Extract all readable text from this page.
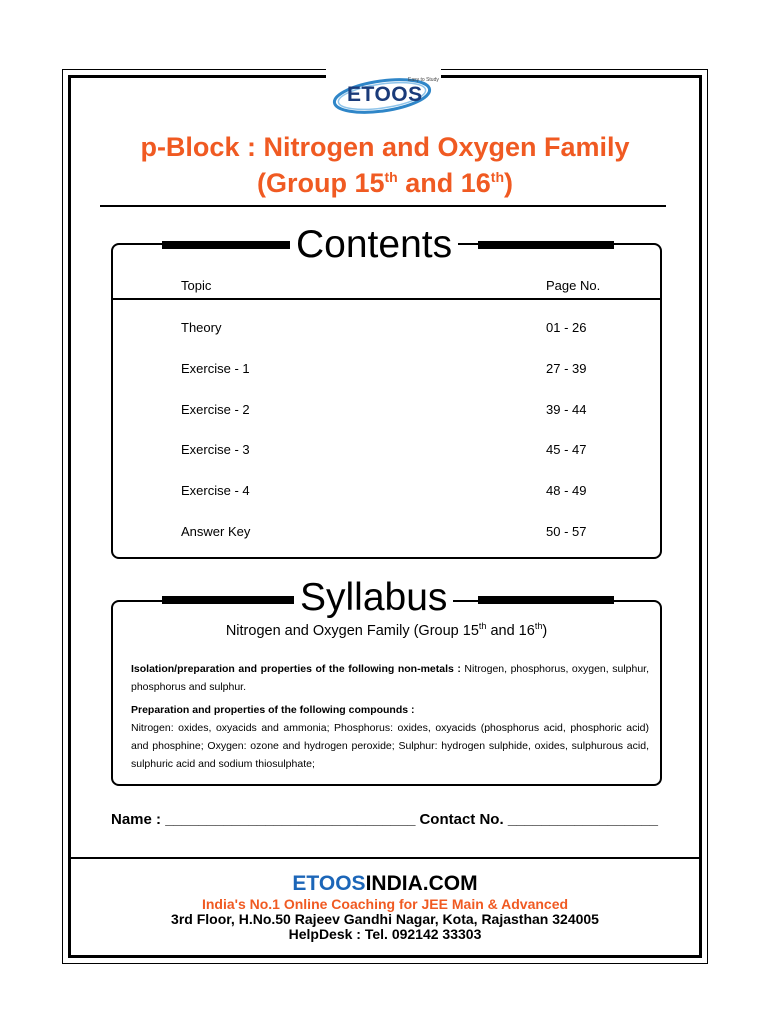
ETOOS
Easy to Study
p-Block : Nitrogen and Oxygen Family
(Group 15th and 16th)
Contents
Topic	Page No.
Theory	01 - 26
Exercise - 1	27 - 39
Exercise - 2	39 - 44
Exercise - 3	45 - 47
Exercise - 4	48 - 49
Answer Key	50 - 57
Syllabus
Nitrogen and Oxygen Family (Group 15th and 16th)
Isolation/preparation and properties of the following non-metals : Nitrogen, phosphorus, oxygen, sulphur, phosphorus and sulphur.
Preparation and properties of the following compounds :
Nitrogen: oxides, oxyacids and ammonia; Phosphorus: oxides, oxyacids (phosphorus acid, phosphoric acid) and phosphine; Oxygen: ozone and hydrogen peroxide; Sulphur: hydrogen sulphide, oxides, sulphurous acid, sulphuric acid and sodium thiosulphate;
Name : ______________________________ Contact No. __________________
ETOOSINDIA.COM
India's No.1 Online Coaching for JEE Main & Advanced
3rd Floor, H.No.50 Rajeev Gandhi Nagar, Kota, Rajasthan 324005
HelpDesk : Tel. 092142 33303
